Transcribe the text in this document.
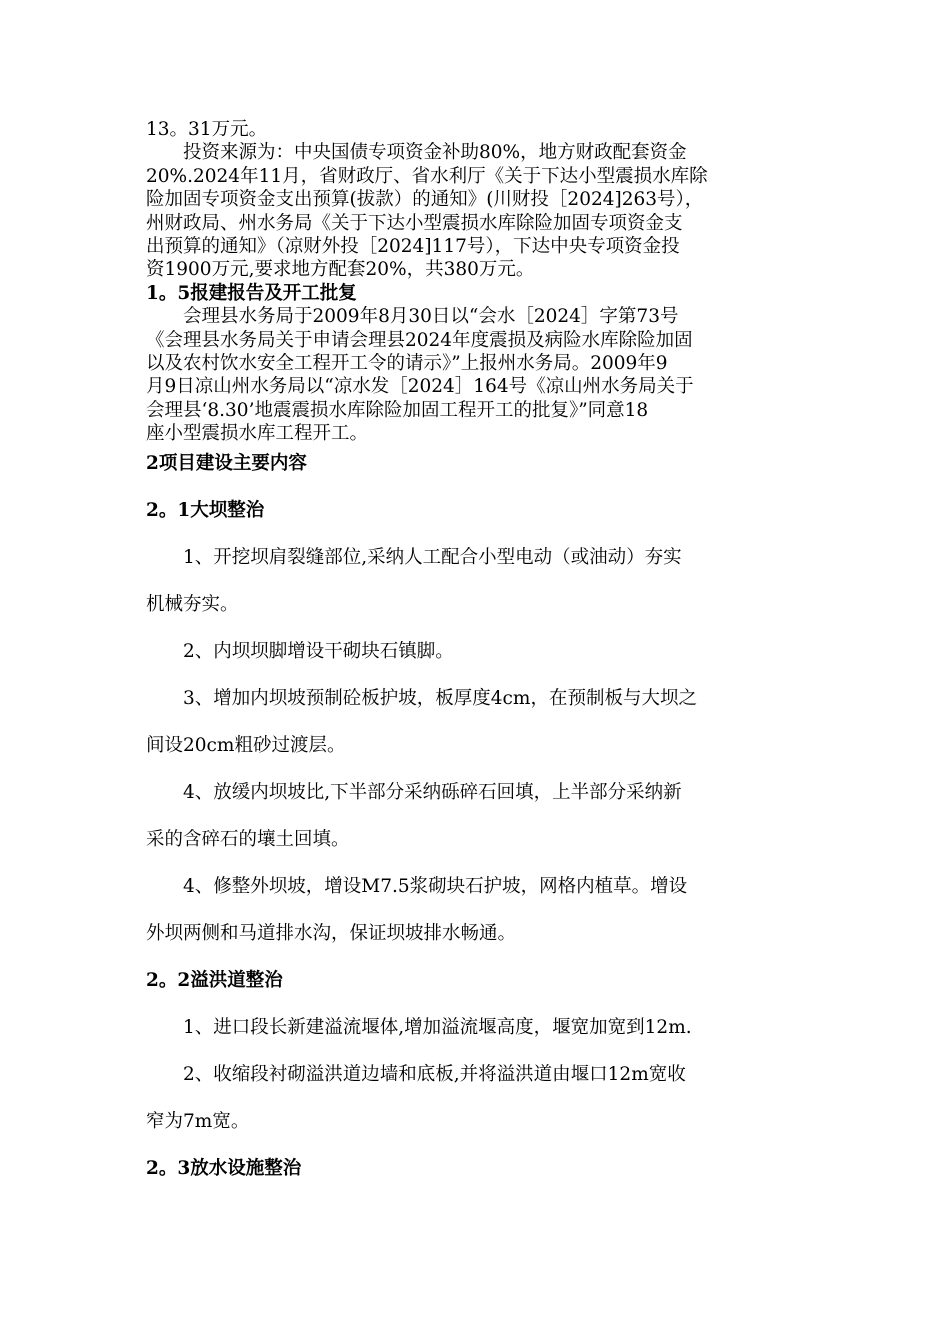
13。31万元。

投资来源为：中央国债专项资金补助80%，地方财政配套资金

20%.2024年11月，省财政厅、省水利厅《关于下达小型震损水库除

险加固专项资金支出预算(拔款）的通知》(川财投［2024]263号），

州财政局、州水务局《关于下达小型震损水库除险加固专项资金支

出预算的通知》（凉财外投［2024]117号），下达中央专项资金投

资1900万元,要求地方配套20%，共380万元。

1。5报建报告及开工批复

会理县水务局于2009年8月30日以“会水［2024］字第73号

《会理县水务局关于申请会理县2024年度震损及病险水库除险加固

以及农村饮水安全工程开工令的请示》”上报州水务局。2009年9

月9日凉山州水务局以“凉水发［2024］164号《凉山州水务局关于

会理县‘8.30’地震震损水库除险加固工程开工的批复》”同意18

座小型震损水库工程开工。

2项目建设主要内容

2。1大坝整治

1、开挖坝肩裂缝部位,采纳人工配合小型电动（或油动）夯实

机械夯实。

2、内坝坝脚增设干砌块石镇脚。

3、增加内坝坡预制砼板护坡，板厚度4cm，在预制板与大坝之

间设20cm粗砂过渡层。

4、放缓内坝坡比,下半部分采纳砾碎石回填，上半部分采纳新

采的含碎石的壤土回填。

4、修整外坝坡，增设M7.5浆砌块石护坡，网格内植草。增设

外坝两侧和马道排水沟，保证坝坡排水畅通。

2。2溢洪道整治

1、进口段长新建溢流堰体,增加溢流堰高度，堰宽加宽到12m.

2、收缩段衬砌溢洪道边墙和底板,并将溢洪道由堰口12m宽收

窄为7m宽。

2。3放水设施整治
